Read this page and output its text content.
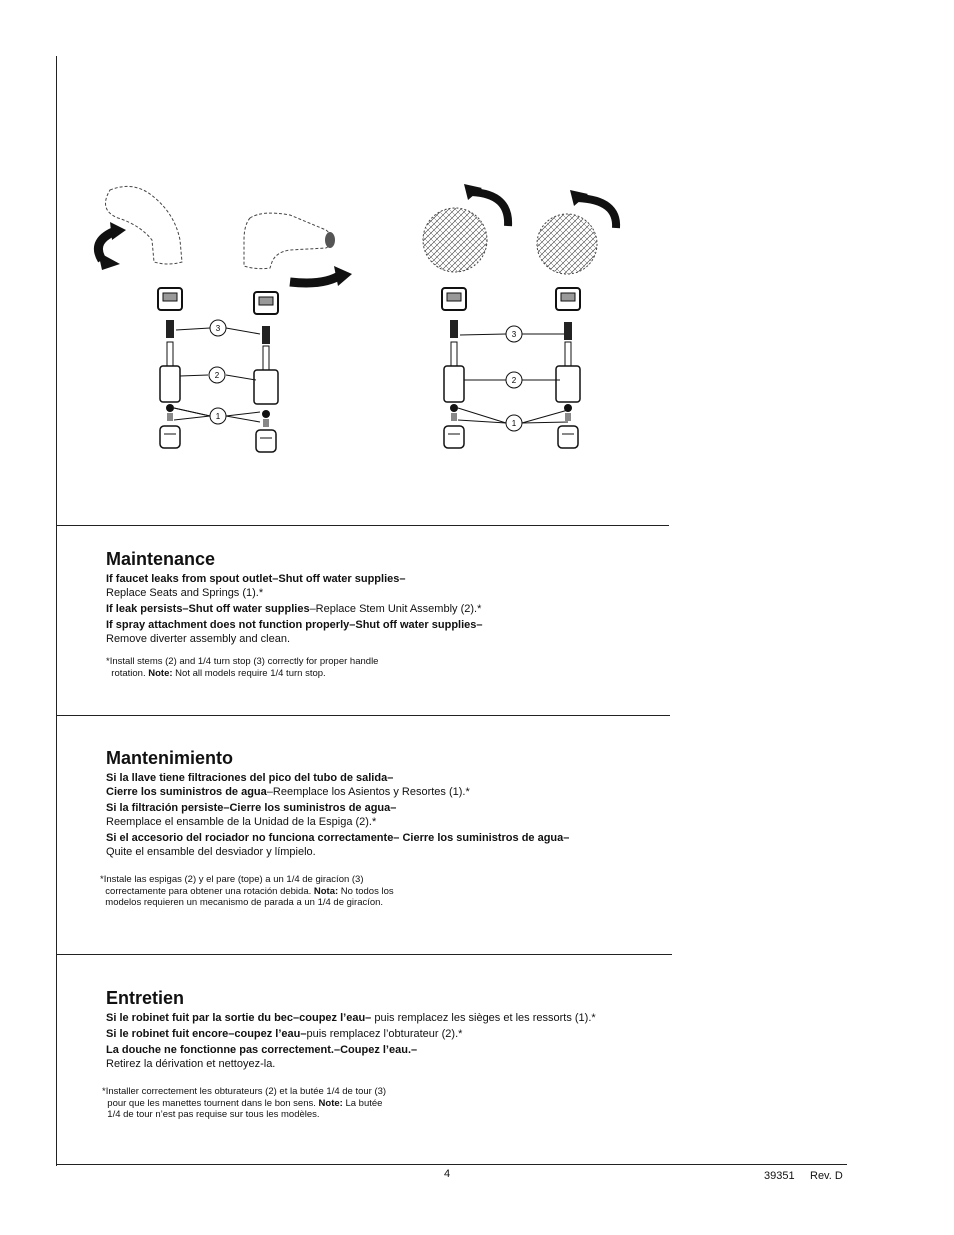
3
2
1
3
2
1
Maintenance

If faucet leaks from spout outlet–Shut off water supplies–
Replace Seats and Springs (1).*

If leak persists–Shut off water supplies–Replace Stem Unit Assembly (2).*

If spray attachment does not function properly–Shut off water supplies–
Remove diverter assembly and clean.

*Install stems (2) and 1/4 turn stop (3) correctly for proper handle
rotation. Note: Not all models require 1/4 turn stop.
Mantenimiento

Si la llave tiene filtraciones del pico del tubo de salida–
Cierre los suministros de agua–Reemplace los Asientos y Resortes (1).*

Si la filtración persiste–Cierre los suministros de agua–
Reemplace el ensamble de la Unidad de la Espiga (2).*

Si el accesorio del rociador no funciona correctamente– Cierre los suministros de agua–
Quite el ensamble del desviador y límpielo.

*Instale las espigas (2) y el pare (tope) a un 1/4 de giracíon (3)
correctamente para obtener una rotación debida. Nota: No todos los
modelos requieren un mecanismo de parada a un 1/4 de giracíon.
Entretien

Si le robinet fuit par la sortie du bec–coupez l’eau– puis remplacez les sièges et les ressorts (1).*

Si le robinet fuit encore–coupez l’eau–puis remplacez l’obturateur (2).*

La douche ne fonctionne pas correctement.–Coupez l’eau.–
Retirez la dérivation et nettoyez-la.

*Installer correctement les obturateurs (2) et la butée 1/4 de tour (3)
pour que les manettes tournent dans le bon sens. Note: La butée
1/4 de tour n’est pas requise sur tous les modèles.
4	39351 Rev. D
